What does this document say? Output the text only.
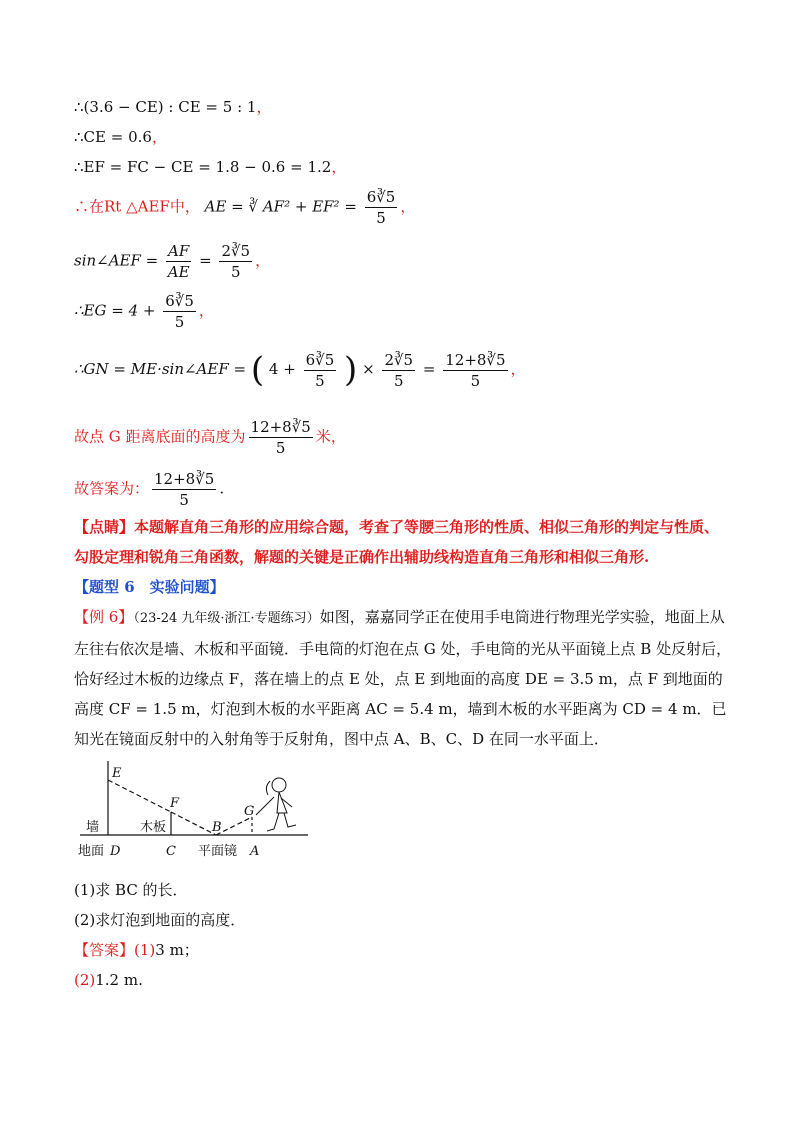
∴(3.6 − CE) : CE = 5 : 1，
∴CE = 0.6，
∴EF = FC − CE = 1.8 − 0.6 = 1.2，
∴在Rt △AEF中， AE = ∛ $AF^2 + EF^2 = \frac{6∛5}{5}$ ，
sin∠AEF = $\frac{AF}{AE} = \frac{2∛5}{5}$ ，
∴EG = $4 + \frac{6∛5}{5}$ ，
∴GN = ME·sin∠AEF = ( $4 + \frac{6∛5}{5}$ ) × $\frac{2∛5}{5} = \frac{12+8∛5}{5}$ ，
故点 G 距离底面的高度为 $\frac{12+8∛5}{5}$ 米，
故答案为： $\frac{12+8∛5}{5}$ .
【点睛】本题解直角三角形的应用综合题，考查了等腰三角形的性质、相似三角形的判定与性质、勾股定理和锐角三角函数，解题的关键是正确作出辅助线构造直角三角形和相似三角形.
【题型 6　实验问题】
【例 6】（23-24 九年级·浙江·专题练习）如图，嘉嘉同学正在使用手电筒进行物理光学实验，地面上从左往右依次是墙、木板和平面镜．手电筒的灯泡在点 G 处，手电筒的光从平面镜上点 B 处反射后，恰好经过木板的边缘点 F，落在墙上的点 E 处，点 E 到地面的高度 DE = 3.5 m，点 F 到地面的高度 CF = 1.5 m，灯泡到木板的水平距离 AC = 5.4 m，墙到木板的水平距离为 CD = 4 m．已知光在镜面反射中的入射角等于反射角，图中点 A、B、C、D 在同一水平面上．
E
F
G
B
D	C	A
墙	木板
地面	平面镜
(1)求 BC 的长．
(2)求灯泡到地面的高度．
【答案】(1)3 m；
(2)1.2 m.
